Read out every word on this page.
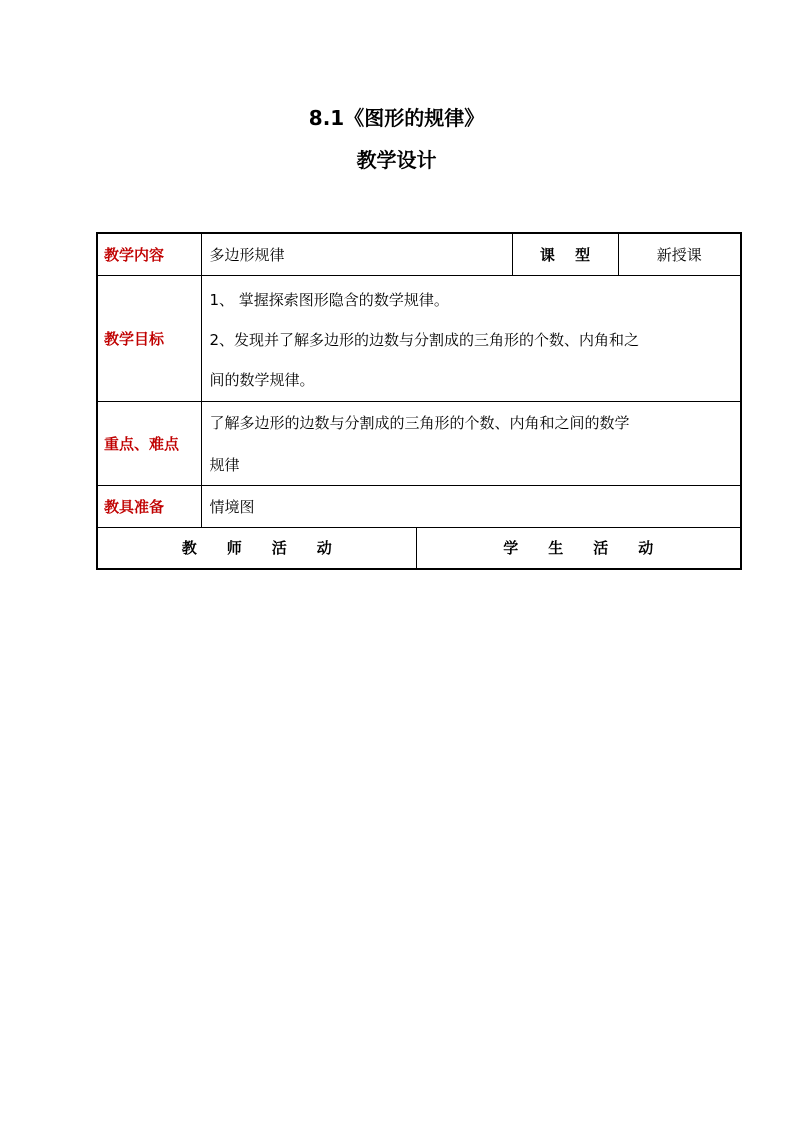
8.1《图形的规律》
教学设计
教学内容	多边形规律		课　 型	新授课
教学目标	1、 掌握探索图形隐含的数学规律。

2、发现并了解多边形的边数与分割成的三角形的个数、内角和之

间的数学规律。			

重点、难点	了解多边形的边数与分割成的三角形的个数、内角和之间的数学
规律			

教具准备	情境图			
教师活动		学生活动		
